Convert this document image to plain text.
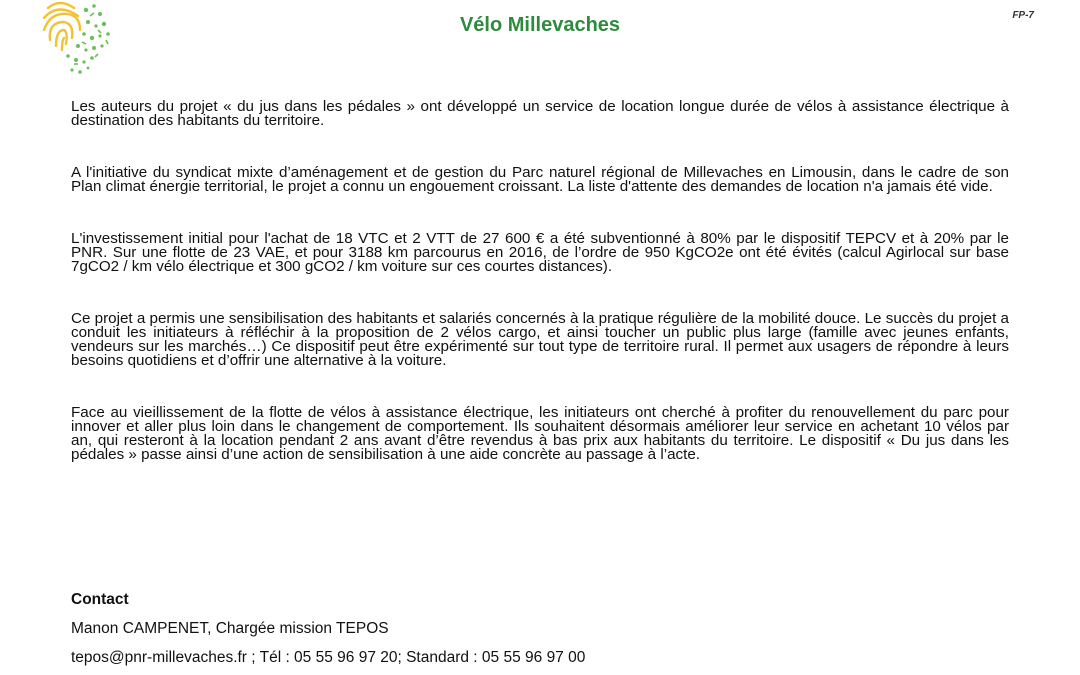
Vélo Millevaches	FP-7

Les auteurs du projet « du jus dans les pédales » ont développé un service de location longue durée de vélos à assistance électrique à destination des habitants du territoire.

A l'initiative du syndicat mixte d’aménagement et de gestion du Parc naturel régional de Millevaches en Limousin, dans le cadre de son Plan climat énergie territorial, le projet a connu un engouement croissant. La liste d'attente des demandes de location n'a jamais été vide.

L'investissement initial pour l'achat de 18 VTC et 2 VTT de 27 600 € a été subventionné à 80% par le dispositif TEPCV et à 20% par le PNR. Sur une flotte de 23 VAE, et pour 3188 km parcourus en 2016, de l’ordre de 950 KgCO2e ont été évités (calcul Agirlocal sur base 7gCO2 / km vélo électrique et 300 gCO2 / km voiture sur ces courtes distances).

Ce projet a permis une sensibilisation des habitants et salariés concernés à la pratique régulière de la mobilité douce. Le succès du projet a conduit les initiateurs à réfléchir à la proposition de 2 vélos cargo, et ainsi toucher un public plus large (famille avec jeunes enfants, vendeurs sur les marchés…) Ce dispositif peut être expérimenté sur tout type de territoire rural. Il permet aux usagers de répondre à leurs besoins quotidiens et d’offrir une alternative à la voiture.

Face au vieillissement de la flotte de vélos à assistance électrique, les initiateurs ont cherché à profiter du renouvellement du parc pour innover et aller plus loin dans le changement de comportement. Ils souhaitent désormais améliorer leur service en achetant 10 vélos par an, qui resteront à la location pendant 2 ans avant d’être revendus à bas prix aux habitants du territoire. Le dispositif « Du jus dans les pédales » passe ainsi d’une action de sensibilisation à une aide concrète au passage à l’acte.

Contact
Manon CAMPENET, Chargée mission TEPOS
tepos@pnr-millevaches.fr ; Tél : 05 55 96 97 20; Standard : 05 55 96 97 00
